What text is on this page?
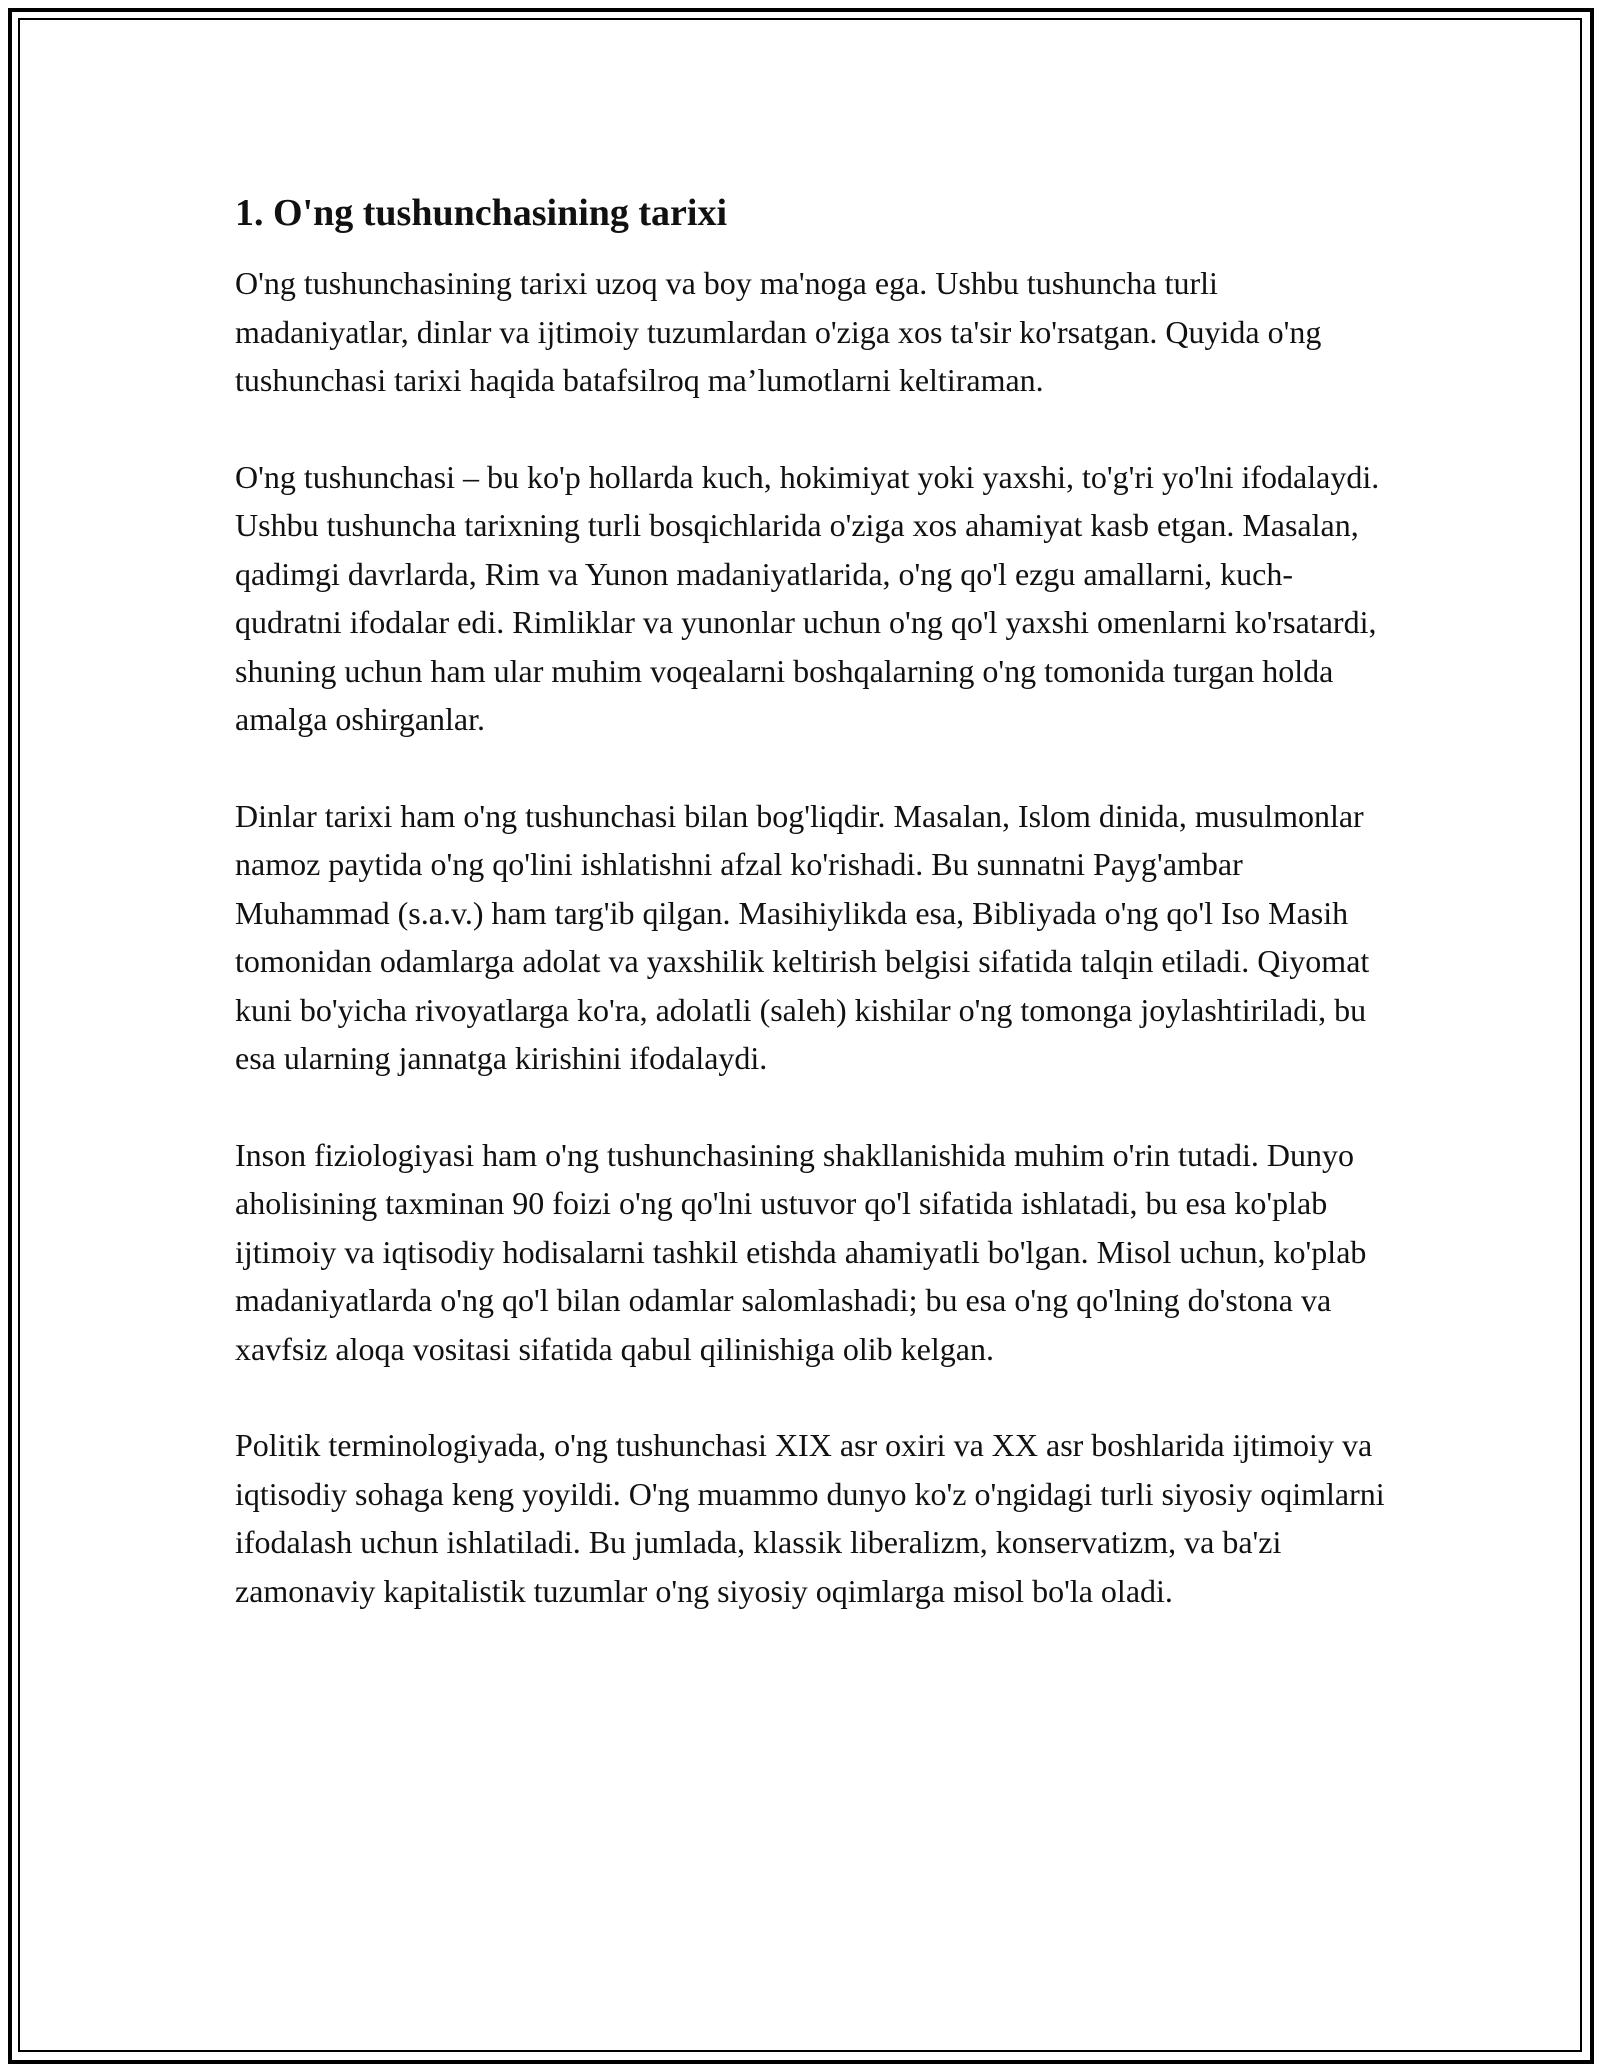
1. O'ng tushunchasining tarixi

O'ng tushunchasining tarixi uzoq va boy ma'noga ega. Ushbu tushuncha turli madaniyatlar, dinlar va ijtimoiy tuzumlardan o'ziga xos ta'sir ko'rsatgan. Quyida o'ng tushunchasi tarixi haqida batafsilroq ma’lumotlarni keltiraman.

O'ng tushunchasi – bu ko'p hollarda kuch, hokimiyat yoki yaxshi, to'g'ri yo'lni ifodalaydi. Ushbu tushuncha tarixning turli bosqichlarida o'ziga xos ahamiyat kasb etgan. Masalan, qadimgi davrlarda, Rim va Yunon madaniyatlarida, o'ng qo'l ezgu amallarni, kuch-qudratni ifodalar edi. Rimliklar va yunonlar uchun o'ng qo'l yaxshi omenlarni ko'rsatardi, shuning uchun ham ular muhim voqealarni boshqalarning o'ng tomonida turgan holda amalga oshirganlar.

Dinlar tarixi ham o'ng tushunchasi bilan bog'liqdir. Masalan, Islom dinida, musulmonlar namoz paytida o'ng qo'lini ishlatishni afzal ko'rishadi. Bu sunnatni Payg'ambar Muhammad (s.a.v.) ham targ'ib qilgan. Masihiylikda esa, Bibliyada o'ng qo'l Iso Masih tomonidan odamlarga adolat va yaxshilik keltirish belgisi sifatida talqin etiladi. Qiyomat kuni bo'yicha rivoyatlarga ko'ra, adolatli (saleh) kishilar o'ng tomonga joylashtiriladi, bu esa ularning jannatga kirishini ifodalaydi.

Inson fiziologiyasi ham o'ng tushunchasining shakllanishida muhim o'rin tutadi. Dunyo aholisining taxminan 90 foizi o'ng qo'lni ustuvor qo'l sifatida ishlatadi, bu esa ko'plab ijtimoiy va iqtisodiy hodisalarni tashkil etishda ahamiyatli bo'lgan. Misol uchun, ko'plab madaniyatlarda o'ng qo'l bilan odamlar salomlashadi; bu esa o'ng qo'lning do'stona va xavfsiz aloqa vositasi sifatida qabul qilinishiga olib kelgan.

Politik terminologiyada, o'ng tushunchasi XIX asr oxiri va XX asr boshlarida ijtimoiy va iqtisodiy sohaga keng yoyildi. O'ng muammo dunyo ko'z o'ngidagi turli siyosiy oqimlarni ifodalash uchun ishlatiladi. Bu jumlada, klassik liberalizm, konservatizm, va ba'zi zamonaviy kapitalistik tuzumlar o'ng siyosiy oqimlarga misol bo'la oladi.
